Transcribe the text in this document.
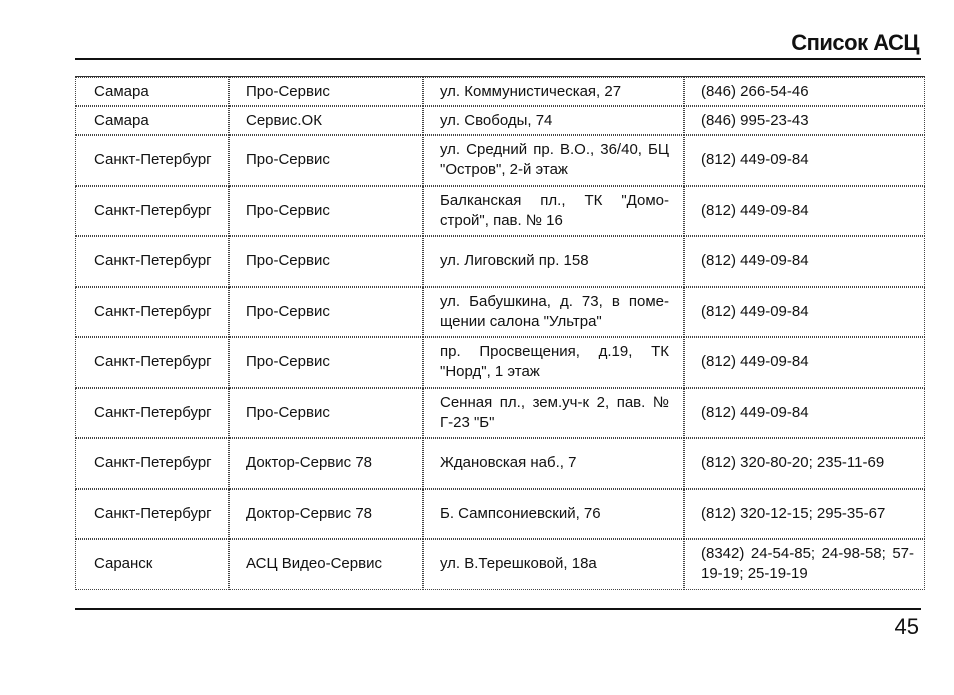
Список АСЦ
Самара	Про-Сервис	ул. Коммунистическая, 27	(846) 266-54-46
Самара	Сервис.ОК	ул. Свободы, 74	(846) 995-23-43
Санкт-Петербург	Про-Сервис	ул. Средний пр. В.О., 36/40, БЦ "Остров", 2-й этаж	(812) 449-09-84
Санкт-Петербург	Про-Сервис	Балканская пл., ТК "Домо-строй", пав. № 16	(812) 449-09-84
Санкт-Петербург	Про-Сервис	ул. Лиговский пр. 158	(812) 449-09-84
Санкт-Петербург	Про-Сервис	ул. Бабушкина, д. 73, в поме-щении салона "Ультра"	(812) 449-09-84
Санкт-Петербург	Про-Сервис	пр. Просвещения, д.19, ТК "Норд", 1 этаж	(812) 449-09-84
Санкт-Петербург	Про-Сервис	Сенная пл., зем.уч-к 2, пав. № Г-23 "Б"	(812) 449-09-84
Санкт-Петербург	Доктор-Сервис 78	Ждановская наб., 7	(812) 320-80-20; 235-11-69
Санкт-Петербург	Доктор-Сервис 78	Б. Сампсониевский, 76	(812) 320-12-15; 295-35-67
Саранск	АСЦ Видео-Сервис	ул. В.Терешковой, 18а	(8342) 24-54-85; 24-98-58; 57-19-19; 25-19-19
45
